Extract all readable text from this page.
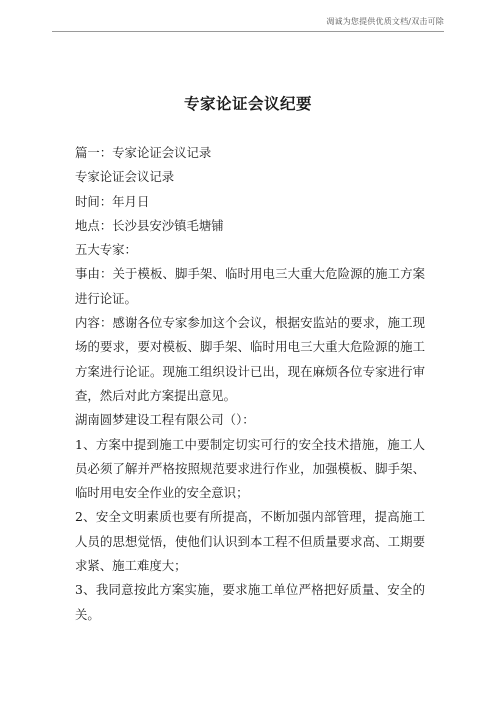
凋诚为您提供优质文档/双击可除
专家论证会议纪要

篇一：专家论证会议记录

专家论证会议记录

时间：年月日

地点：长沙县安沙镇毛塘铺

五大专家：

事由：关于模板、脚手架、临时用电三大重大危险源的施工方案进行论证。

内容：感谢各位专家参加这个会议，根据安监站的要求，施工现场的要求，要对模板、脚手架、临时用电三大重大危险源的施工方案进行论证。现施工组织设计已出，现在麻烦各位专家进行审查，然后对此方案提出意见。

湖南圆梦建设工程有限公司（）：

1、方案中提到施工中要制定切实可行的安全技术措施，施工人员必须了解并严格按照规范要求进行作业，加强模板、脚手架、临时用电安全作业的安全意识；

2、安全文明素质也要有所提高，不断加强内部管理，提高施工人员的思想觉悟，使他们认识到本工程不但质量要求高、工期要求紧、施工难度大；

3、我同意按此方案实施，要求施工单位严格把好质量、安全的关。
